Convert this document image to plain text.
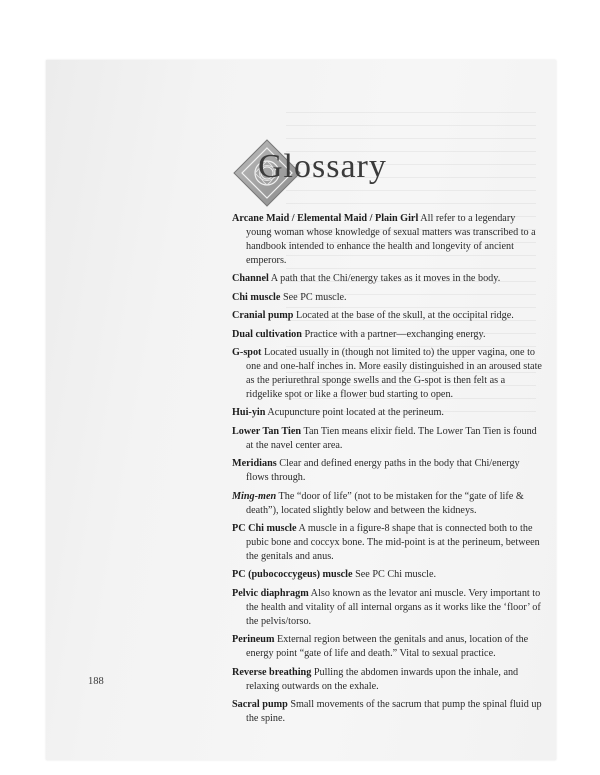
Glossary

Arcane Maid / Elemental Maid / Plain Girl All refer to a legendary young woman whose knowledge of sexual matters was transcribed to a handbook intended to enhance the health and longevity of ancient emperors.

Channel A path that the Chi/energy takes as it moves in the body.

Chi muscle See PC muscle.

Cranial pump Located at the base of the skull, at the occipital ridge.

Dual cultivation Practice with a partner—exchanging energy.

G-spot Located usually in (though not limited to) the upper vagina, one to one and one-half inches in. More easily distinguished in an aroused state as the periurethral sponge swells and the G-spot is then felt as a ridgelike spot or like a flower bud starting to open.

Hui-yin Acupuncture point located at the perineum.

Lower Tan Tien Tan Tien means elixir field. The Lower Tan Tien is found at the navel center area.

Meridians Clear and defined energy paths in the body that Chi/energy flows through.

Ming-men The “door of life” (not to be mistaken for the “gate of life & death”), located slightly below and between the kidneys.

PC Chi muscle A muscle in a figure-8 shape that is connected both to the pubic bone and coccyx bone. The mid-point is at the perineum, between the genitals and anus.

PC (pubococcygeus) muscle See PC Chi muscle.

Pelvic diaphragm Also known as the levator ani muscle. Very important to the health and vitality of all internal organs as it works like the ‘floor’ of the pelvis/torso.

Perineum External region between the genitals and anus, location of the energy point “gate of life and death.” Vital to sexual practice.

Reverse breathing Pulling the abdomen inwards upon the inhale, and relaxing outwards on the exhale.

Sacral pump Small movements of the sacrum that pump the spinal fluid up the spine.

188
